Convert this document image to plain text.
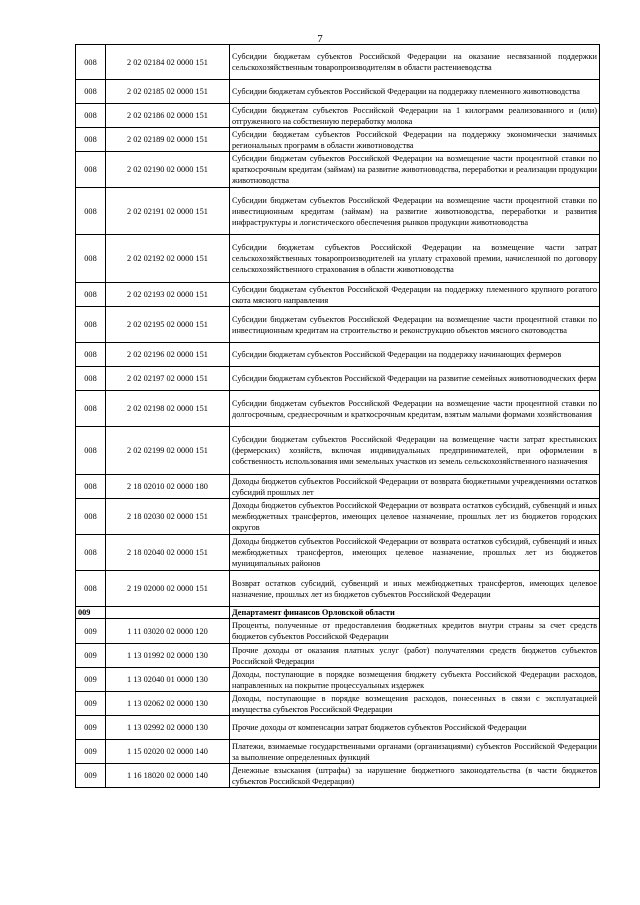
7
008	2 02 02184 02 0000 151	Субсидии бюджетам субъектов Российской Федерации на оказание несвязанной поддержки сельскохозяйственным товаропроизводителям в области растениеводства
008	2 02 02185 02 0000 151	Субсидии бюджетам субъектов Российской Федерации на поддержку племенного животноводства
008	2 02 02186 02 0000 151	Субсидии бюджетам субъектов Российской Федерации на 1 килограмм реализованного и (или) отгруженного на собственную переработку молока
008	2 02 02189 02 0000 151	Субсидии бюджетам субъектов Российской Федерации на поддержку экономически значимых региональных программ в области животноводства
008	2 02 02190 02 0000 151	Субсидии бюджетам субъектов Российской Федерации на возмещение части процентной ставки по краткосрочным кредитам (займам) на развитие животноводства, переработки и реализации продукции животноводства
008	2 02 02191 02 0000 151	Субсидии бюджетам субъектов Российской Федерации на возмещение части процентной ставки по инвестиционным кредитам (займам) на развитие животноводства, переработки и развития инфраструктуры и логистического обеспечения рынков продукции животноводства
008	2 02 02192 02 0000 151	Субсидии бюджетам субъектов Российской Федерации на возмещение части затрат сельскохозяйственных товаропроизводителей на уплату страховой премии, начисленной по договору сельскохозяйственного страхования в области животноводства
008	2 02 02193 02 0000 151	Субсидии бюджетам субъектов Российской Федерации на поддержку племенного крупного рогатого скота мясного направления
008	2 02 02195 02 0000 151	Субсидии бюджетам субъектов Российской Федерации на возмещение части процентной ставки по инвестиционным кредитам на строительство и реконструкцию объектов мясного скотоводства
008	2 02 02196 02 0000 151	Субсидии бюджетам субъектов Российской Федерации на поддержку начинающих фермеров
008	2 02 02197 02 0000 151	Субсидии бюджетам субъектов Российской Федерации на развитие семейных животноводческих ферм
008	2 02 02198 02 0000 151	Субсидии бюджетам субъектов Российской Федерации на возмещение части процентной ставки по долгосрочным, среднесрочным и краткосрочным кредитам, взятым малыми формами хозяйствования
008	2 02 02199 02 0000 151	Субсидии бюджетам субъектов Российской Федерации на возмещение части затрат крестьянских (фермерских) хозяйств, включая индивидуальных предпринимателей, при оформлении в собственность использования ими земельных участков из земель сельскохозяйственного назначения
008	2 18 02010 02 0000 180	Доходы бюджетов субъектов Российской Федерации от возврата бюджетными учреждениями остатков субсидий прошлых лет
008	2 18 02030 02 0000 151	Доходы бюджетов субъектов Российской Федерации от возврата остатков субсидий, субвенций и иных межбюджетных трансфертов, имеющих целевое назначение, прошлых лет из бюджетов городских округов
008	2 18 02040 02 0000 151	Доходы бюджетов субъектов Российской Федерации от возврата остатков субсидий, субвенций и иных межбюджетных трансфертов, имеющих целевое назначение, прошлых лет из бюджетов муниципальных районов
008	2 19 02000 02 0000 151	Возврат остатков субсидий, субвенций и иных межбюджетных трансфертов, имеющих целевое назначение, прошлых лет из бюджетов субъектов Российской Федерации
009		Департамент финансов Орловской области
009	1 11 03020 02 0000 120	Проценты, полученные от предоставления бюджетных кредитов внутри страны за счет средств бюджетов субъектов Российской Федерации
009	1 13 01992 02 0000 130	Прочие доходы от оказания платных услуг (работ) получателями средств бюджетов субъектов Российской Федерации
009	1 13 02040 01 0000 130	Доходы, поступающие в порядке возмещения бюджету субъекта Российской Федерации расходов, направленных на покрытие процессуальных издержек
009	1 13 02062 02 0000 130	Доходы, поступающие в порядке возмещения расходов, понесенных в связи с эксплуатацией имущества субъектов Российской Федерации
009	1 13 02992 02 0000 130	Прочие доходы от компенсации затрат бюджетов субъектов Российской Федерации
009	1 15 02020 02 0000 140	Платежи, взимаемые государственными органами (организациями) субъектов Российской Федерации за выполнение определенных функций
009	1 16 18020 02 0000 140	Денежные взыскания (штрафы) за нарушение бюджетного законодательства (в части бюджетов субъектов Российской Федерации)
